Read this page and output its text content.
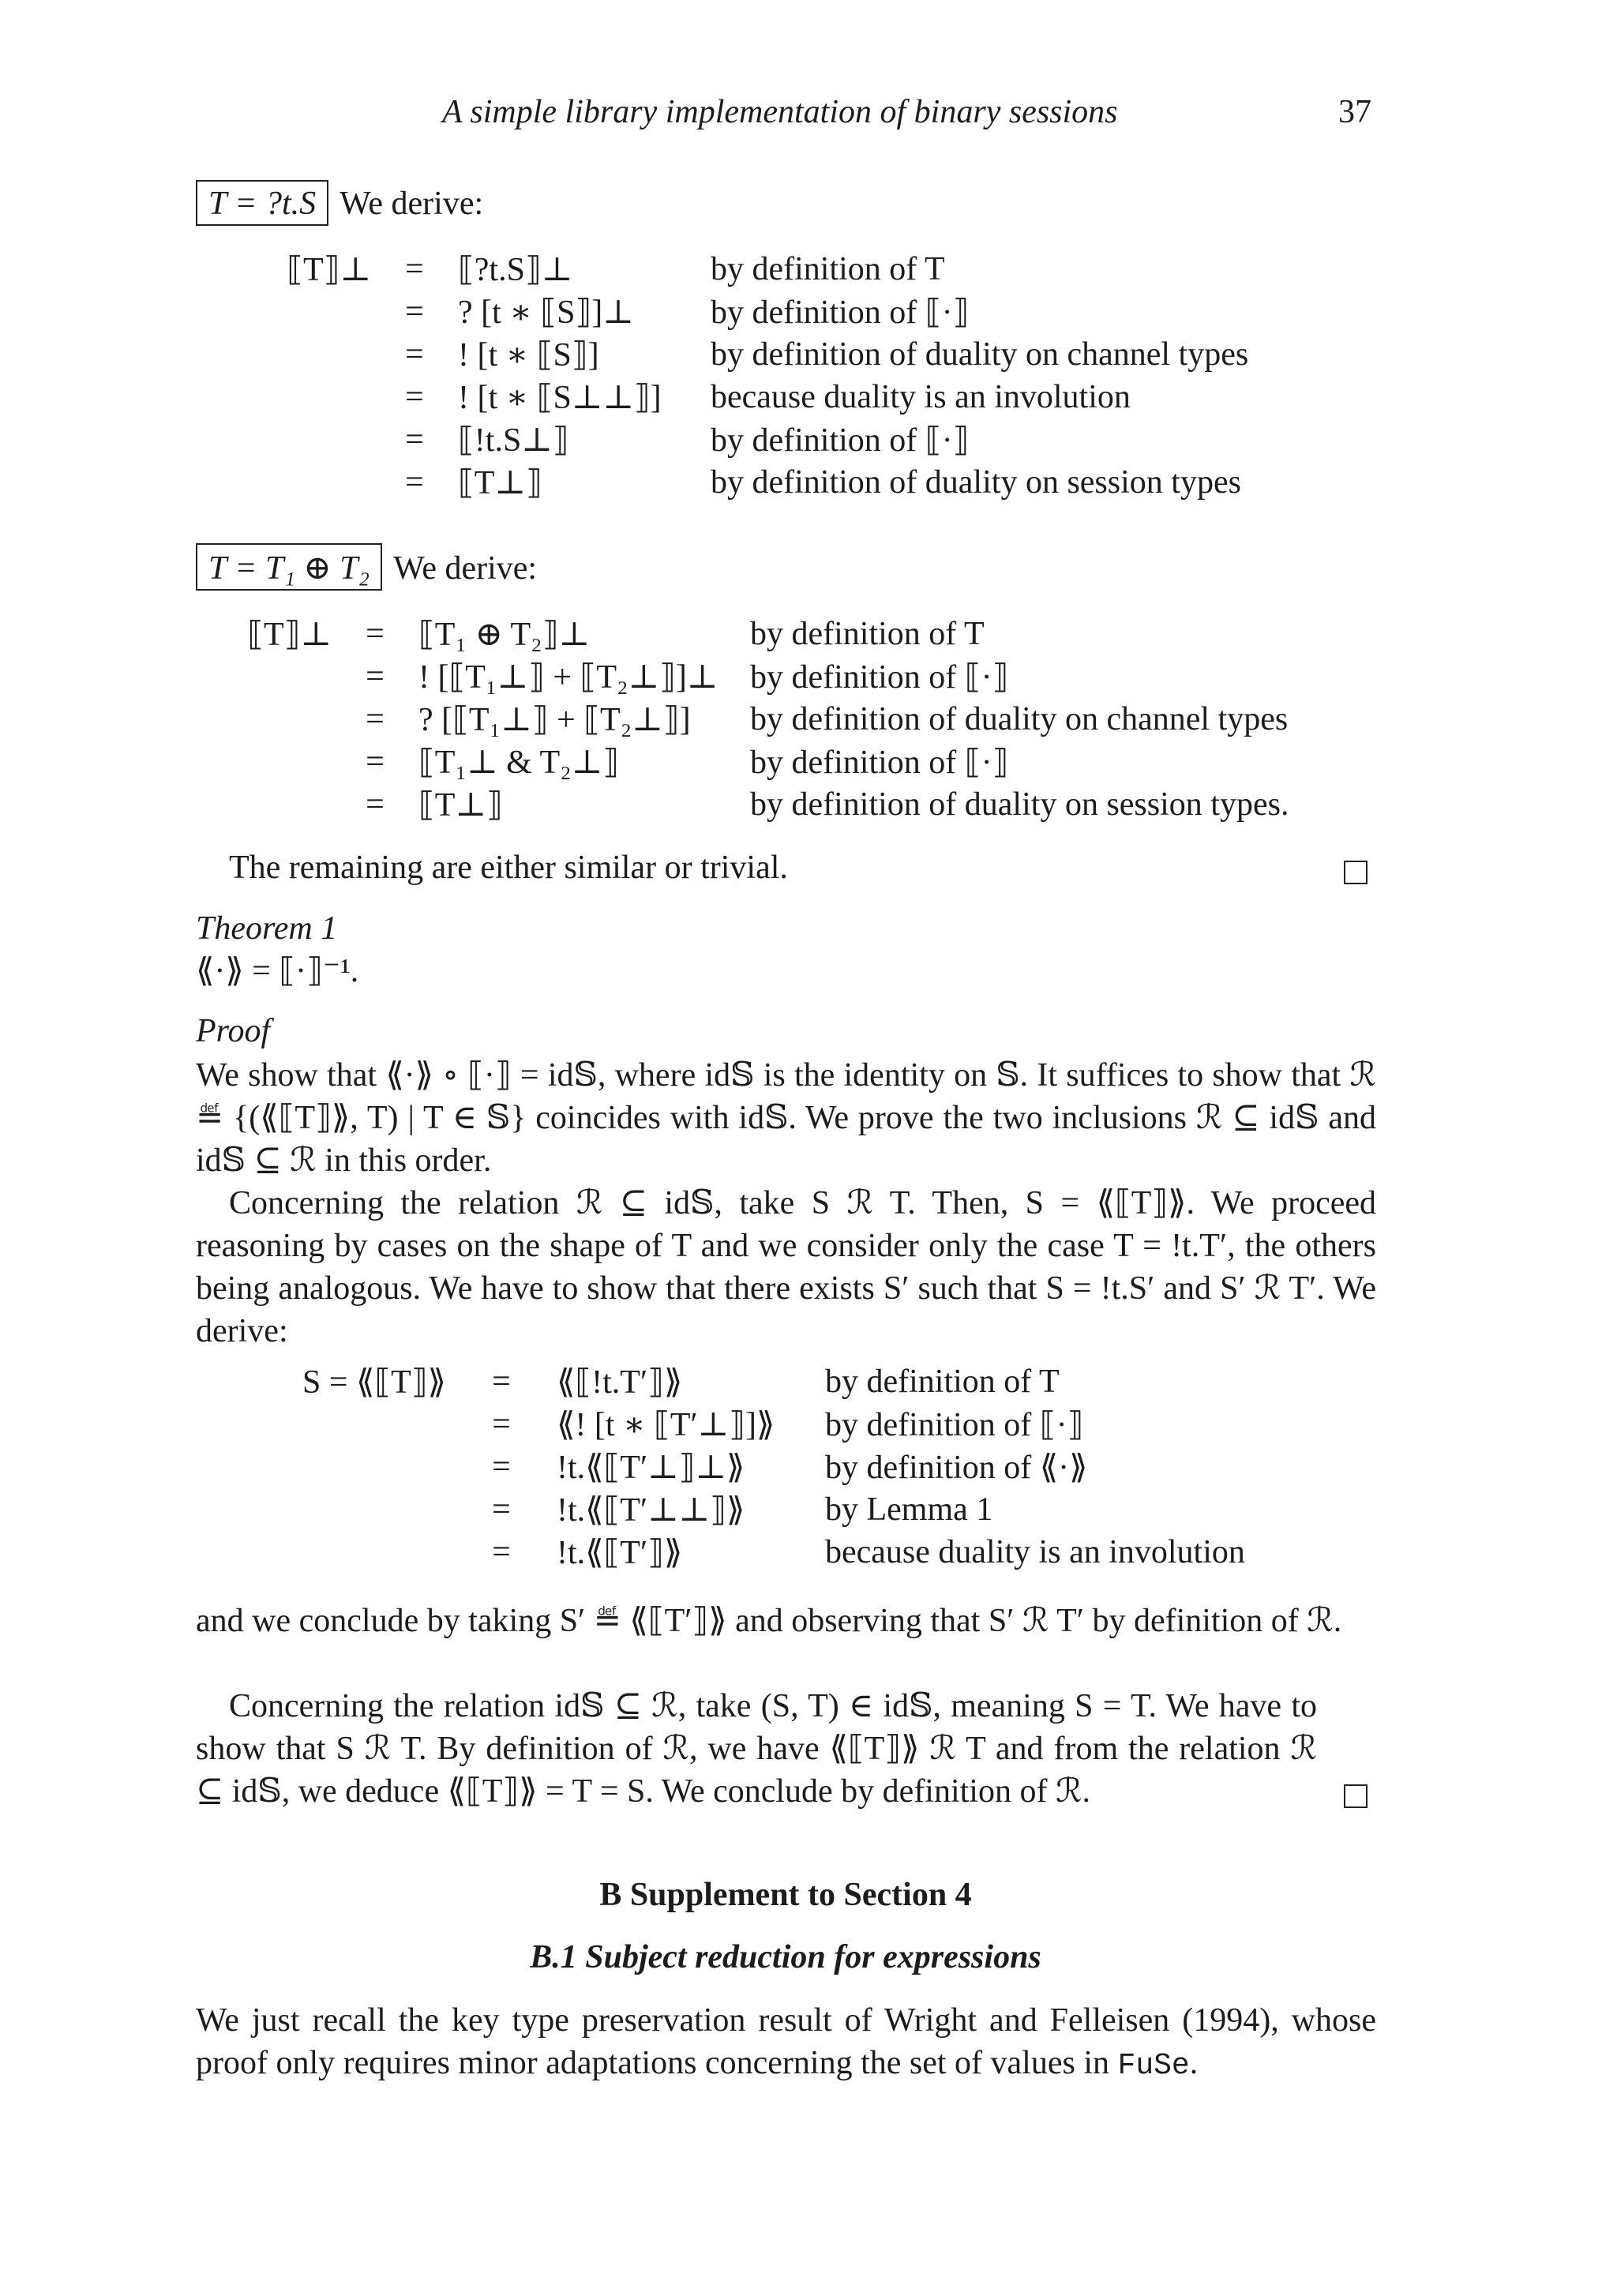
A simple library implementation of binary sessions	37
T = ?t.S We derive:
⟦T⟧⊥	=	⟦?t.S⟧⊥	by definition of T
	=	? [t ∗ ⟦S⟧]⊥	by definition of ⟦·⟧
	=	! [t ∗ ⟦S⟧]	by definition of duality on channel types
	=	! [t ∗ ⟦S⊥⊥⟧]	because duality is an involution
	=	⟦!t.S⊥⟧	by definition of ⟦·⟧
	=	⟦T⊥⟧	by definition of duality on session types
T = T₁ ⊕ T₂ We derive:
⟦T⟧⊥	=	⟦T₁ ⊕ T₂⟧⊥	by definition of T
	=	! [⟦T₁⊥⟧ + ⟦T₂⊥⟧]⊥	by definition of ⟦·⟧
	=	? [⟦T₁⊥⟧ + ⟦T₂⊥⟧]	by definition of duality on channel types
	=	⟦T₁⊥ & T₂⊥⟧	by definition of ⟦·⟧
	=	⟦T⊥⟧	by definition of duality on session types.
The remaining are either similar or trivial.
Theorem 1
⟪·⟫ = ⟦·⟧⁻¹.
Proof
We show that ⟪·⟫ ∘ ⟦·⟧ = id𝕊, where id𝕊 is the identity on 𝕊. It suffices to show that ℛ ≝ {(⟪⟦T⟧⟫, T) | T ∈ 𝕊} coincides with id𝕊. We prove the two inclusions ℛ ⊆ id𝕊 and id𝕊 ⊆ ℛ in this order.
Concerning the relation ℛ ⊆ id𝕊, take S ℛ T. Then, S = ⟪⟦T⟧⟫. We proceed reasoning by cases on the shape of T and we consider only the case T = !t.T′, the others being analogous. We have to show that there exists S′ such that S = !t.S′ and S′ ℛ T′. We derive:
S = ⟪⟦T⟧⟫	=	⟪⟦!t.T′⟧⟫	by definition of T
	=	⟪! [t ∗ ⟦T′⊥⟧]⟫	by definition of ⟦·⟧
	=	!t.⟪⟦T′⊥⟧⊥⟫	by definition of ⟪·⟫
	=	!t.⟪⟦T′⊥⊥⟧⟫	by Lemma 1
	=	!t.⟪⟦T′⟧⟫	because duality is an involution
and we conclude by taking S′ ≝ ⟪⟦T′⟧⟫ and observing that S′ ℛ T′ by definition of ℛ.
Concerning the relation id𝕊 ⊆ ℛ, take (S, T) ∈ id𝕊, meaning S = T. We have to show that S ℛ T. By definition of ℛ, we have ⟪⟦T⟧⟫ ℛ T and from the relation ℛ ⊆ id𝕊, we deduce ⟪⟦T⟧⟫ = T = S. We conclude by definition of ℛ.
B Supplement to Section 4
B.1 Subject reduction for expressions
We just recall the key type preservation result of Wright and Felleisen (1994), whose proof only requires minor adaptations concerning the set of values in FuSe.
